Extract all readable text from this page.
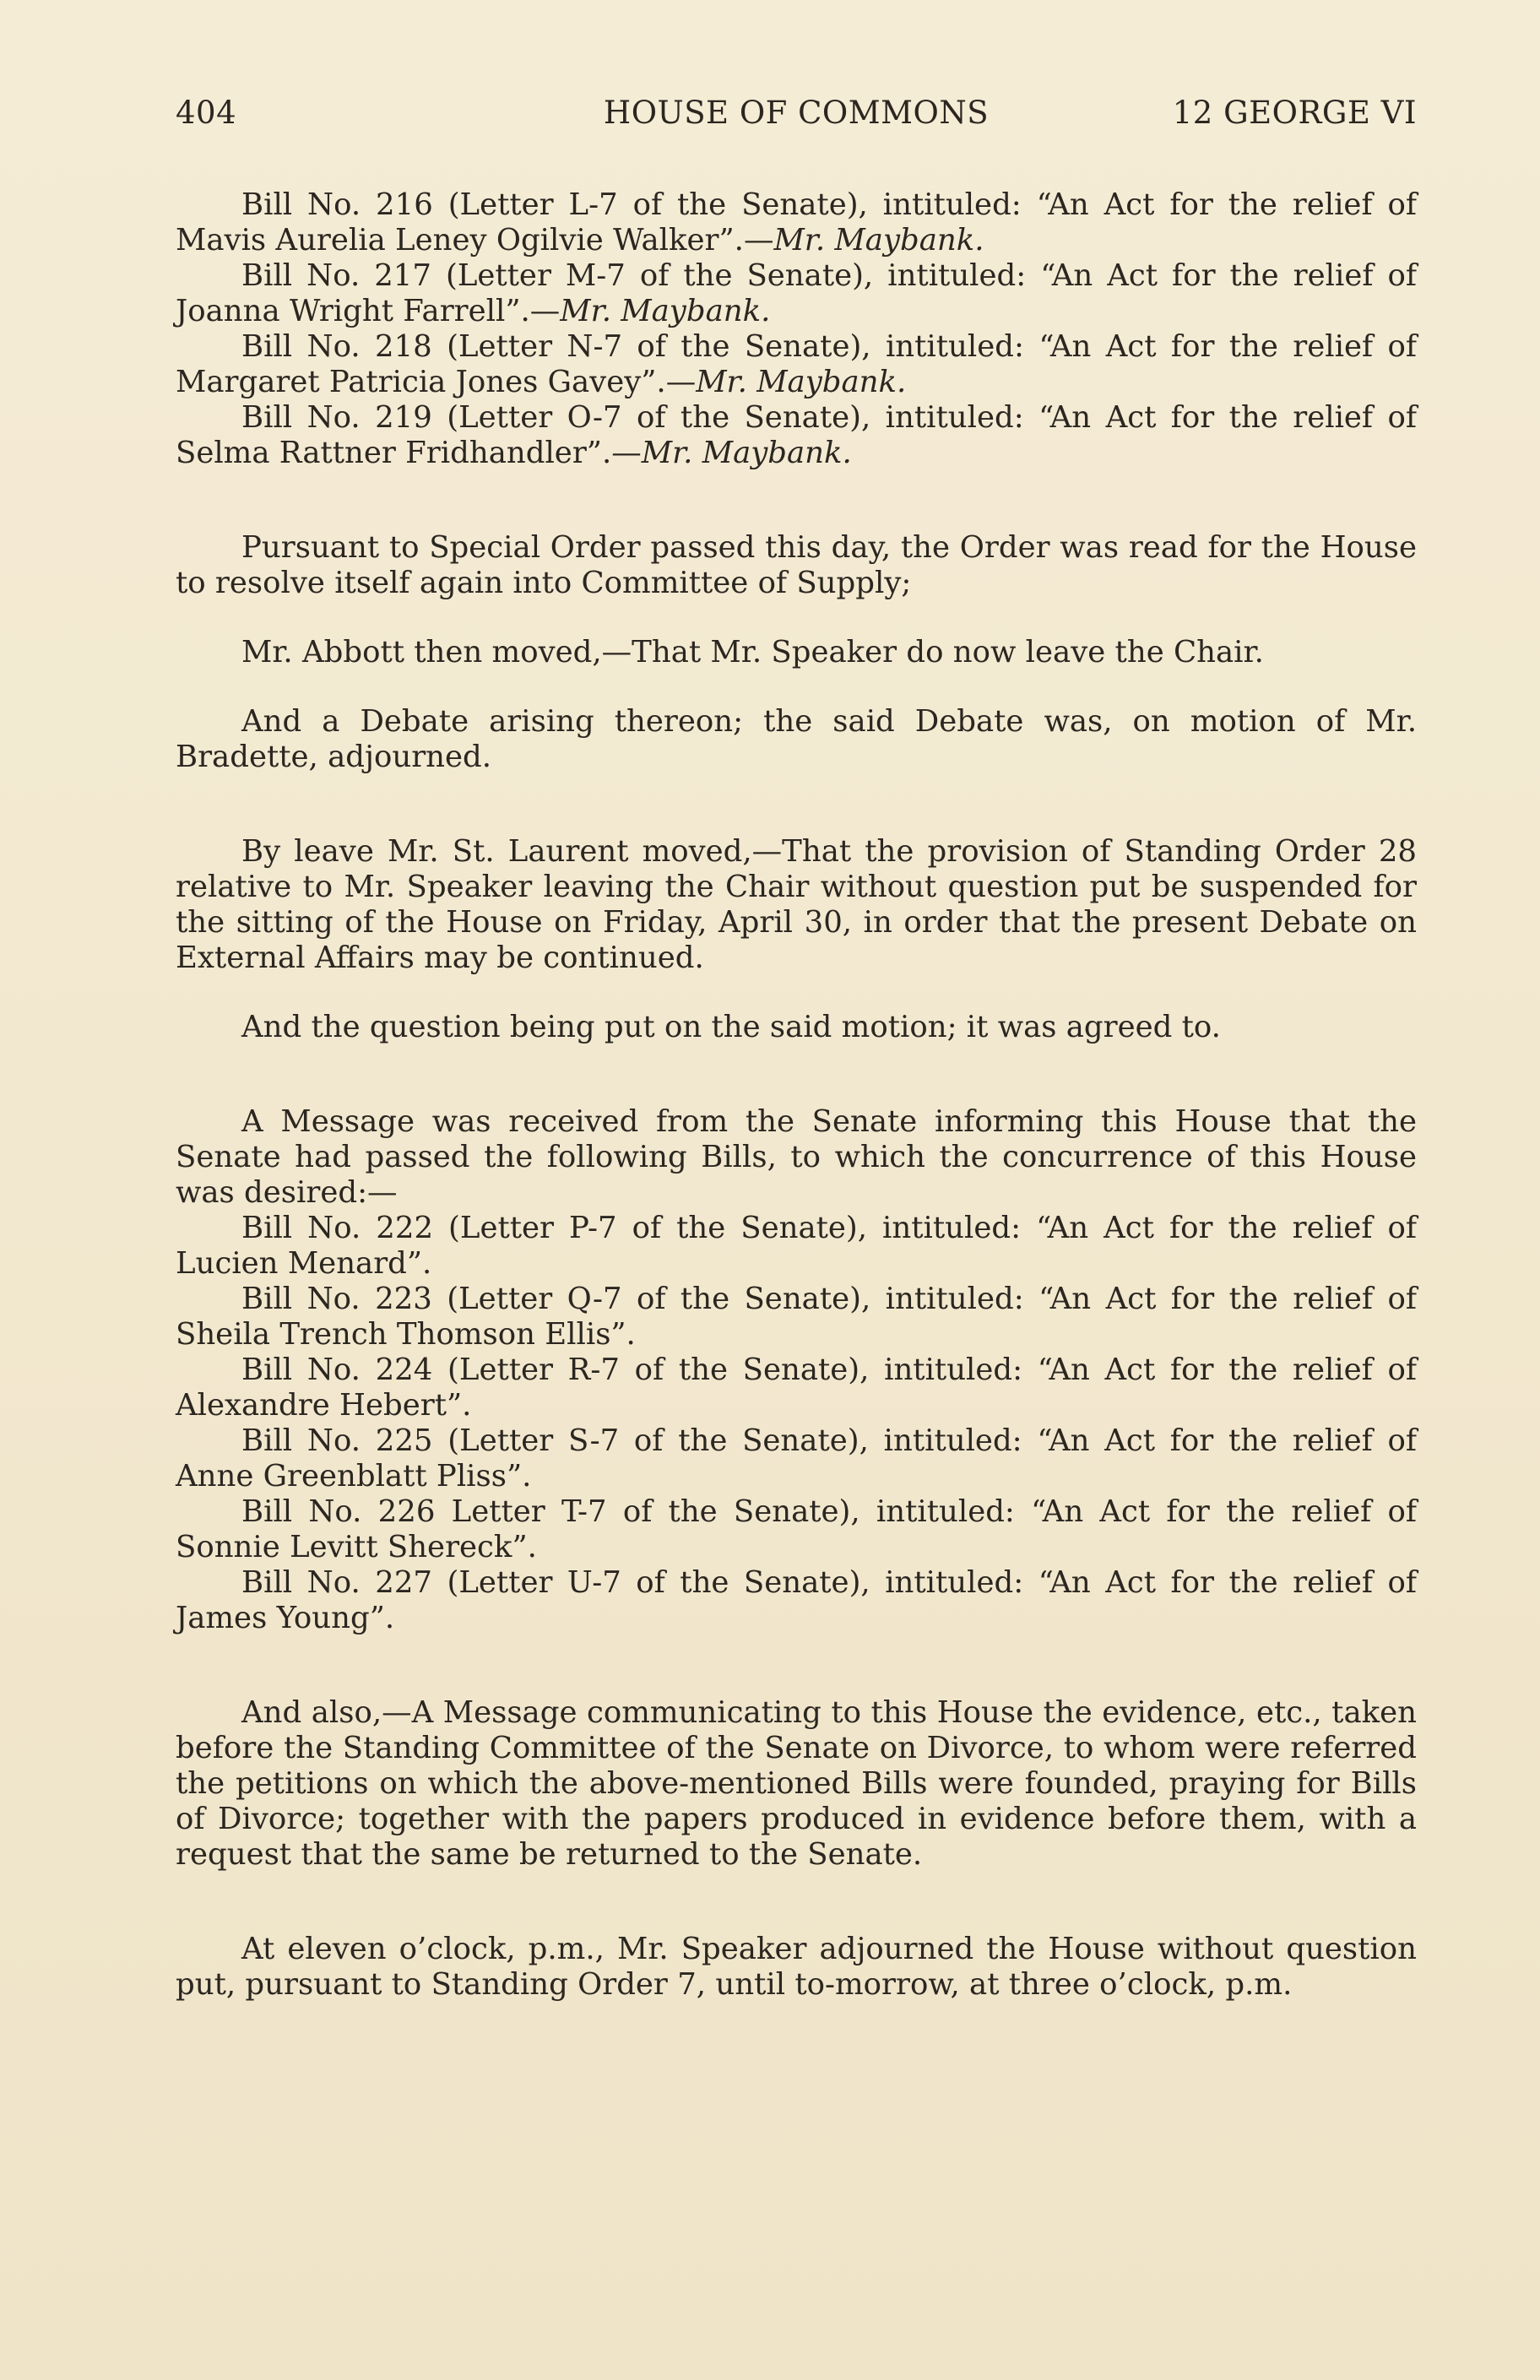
404	HOUSE OF COMMONS	12 GEORGE VI

Bill No. 216 (Letter L-7 of the Senate), intituled: “An Act for the relief of Mavis Aurelia Leney Ogilvie Walker”.—Mr. Maybank.

Bill No. 217 (Letter M-7 of the Senate), intituled: “An Act for the relief of Joanna Wright Farrell”.—Mr. Maybank.

Bill No. 218 (Letter N-7 of the Senate), intituled: “An Act for the relief of Margaret Patricia Jones Gavey”.—Mr. Maybank.

Bill No. 219 (Letter O-7 of the Senate), intituled: “An Act for the relief of Selma Rattner Fridhandler”.—Mr. Maybank.

Pursuant to Special Order passed this day, the Order was read for the House to resolve itself again into Committee of Supply;

Mr. Abbott then moved,—That Mr. Speaker do now leave the Chair.

And a Debate arising thereon; the said Debate was, on motion of Mr. Bradette, adjourned.

By leave Mr. St. Laurent moved,—That the provision of Standing Order 28 relative to Mr. Speaker leaving the Chair without question put be suspended for the sitting of the House on Friday, April 30, in order that the present Debate on External Affairs may be continued.

And the question being put on the said motion; it was agreed to.

A Message was received from the Senate informing this House that the Senate had passed the following Bills, to which the concurrence of this House was desired:—

Bill No. 222 (Letter P-7 of the Senate), intituled: “An Act for the relief of Lucien Menard”.

Bill No. 223 (Letter Q-7 of the Senate), intituled: “An Act for the relief of Sheila Trench Thomson Ellis”.

Bill No. 224 (Letter R-7 of the Senate), intituled: “An Act for the relief of Alexandre Hebert”.

Bill No. 225 (Letter S-7 of the Senate), intituled: “An Act for the relief of Anne Greenblatt Pliss”.

Bill No. 226 Letter T-7 of the Senate), intituled: “An Act for the relief of Sonnie Levitt Shereck”.

Bill No. 227 (Letter U-7 of the Senate), intituled: “An Act for the relief of James Young”.

And also,—A Message communicating to this House the evidence, etc., taken before the Standing Committee of the Senate on Divorce, to whom were referred the petitions on which the above-mentioned Bills were founded, praying for Bills of Divorce; together with the papers produced in evidence before them, with a request that the same be returned to the Senate.

At eleven o’clock, p.m., Mr. Speaker adjourned the House without question put, pursuant to Standing Order 7, until to-morrow, at three o’clock, p.m.
